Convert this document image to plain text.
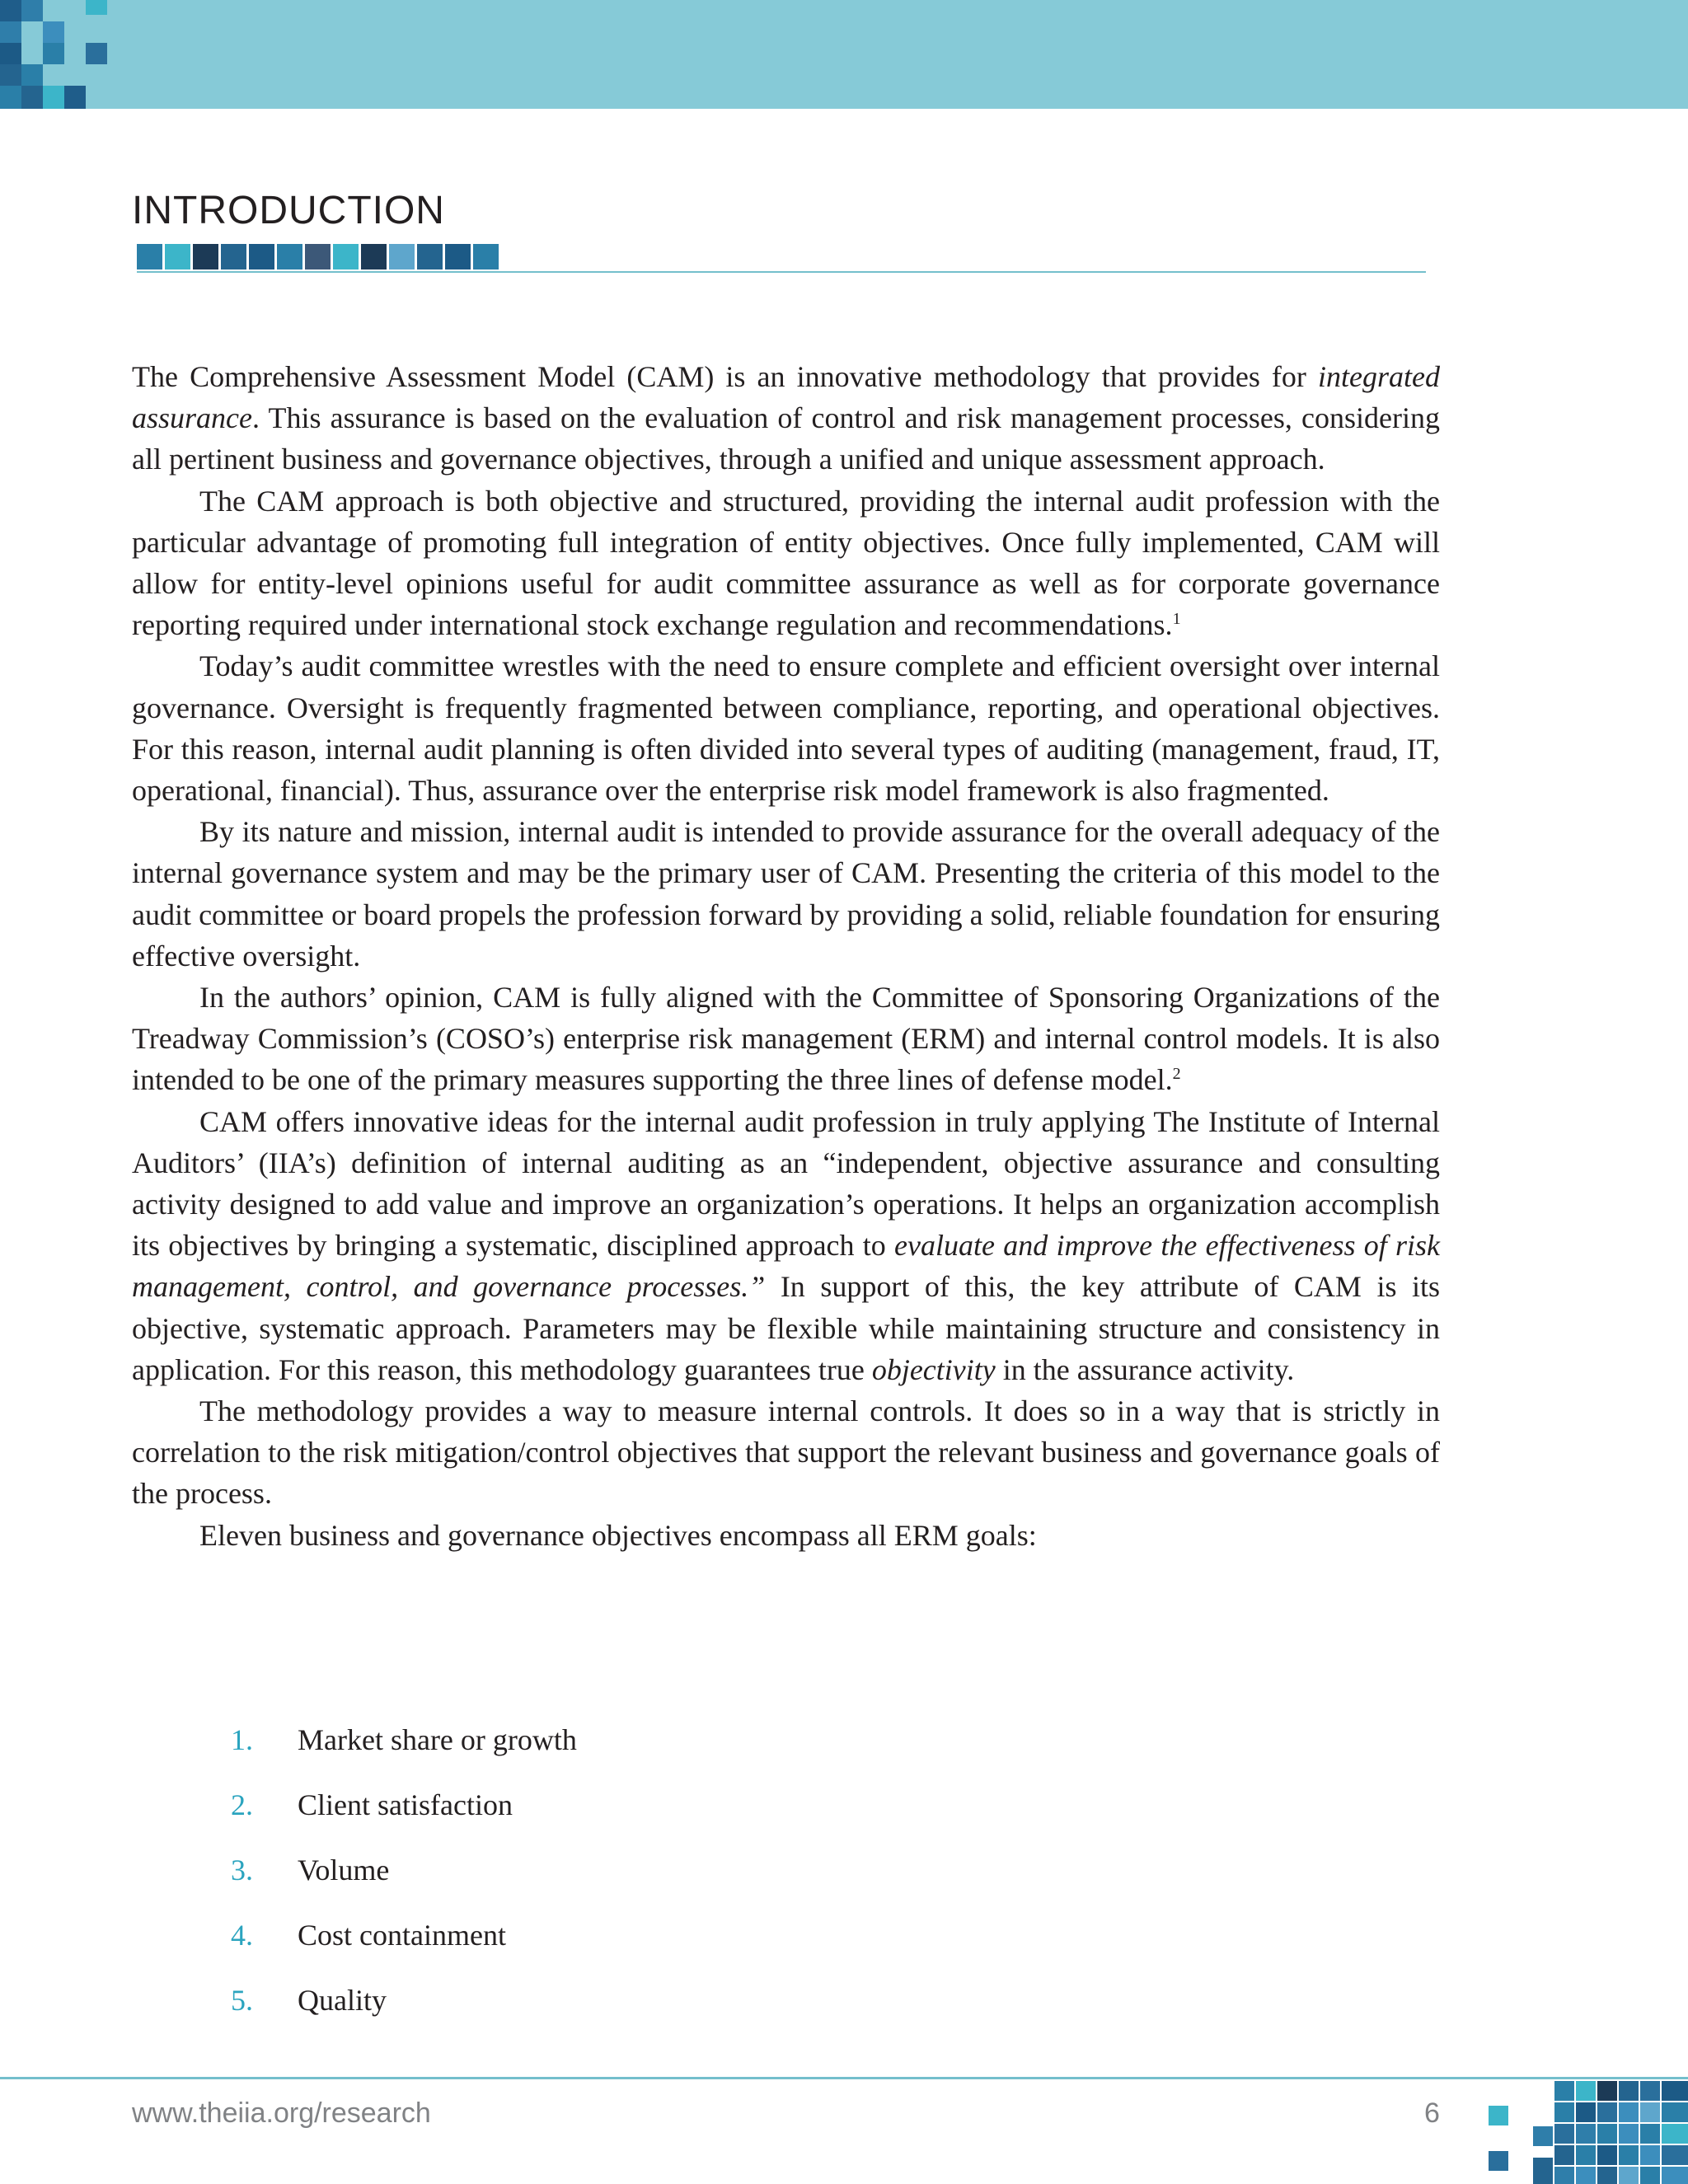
INTRODUCTION

The Comprehensive Assessment Model (CAM) is an innovative methodology that provides for integrated assurance. This assurance is based on the evaluation of control and risk management processes, considering all pertinent business and governance objectives, through a unified and unique assessment approach.

The CAM approach is both objective and structured, providing the internal audit profession with the particular advantage of promoting full integration of entity objectives. Once fully implemented, CAM will allow for entity-level opinions useful for audit committee assurance as well as for corporate governance reporting required under international stock exchange regulation and recommendations.$^1$

Today’s audit committee wrestles with the need to ensure complete and efficient oversight over internal governance. Oversight is frequently fragmented between compliance, reporting, and operational objectives. For this reason, internal audit planning is often divided into several types of auditing (management, fraud, IT, operational, financial). Thus, assurance over the enterprise risk model framework is also fragmented.

By its nature and mission, internal audit is intended to provide assurance for the overall adequacy of the internal governance system and may be the primary user of CAM. Presenting the criteria of this model to the audit committee or board propels the profession forward by providing a solid, reliable foundation for ensuring effective oversight.

In the authors’ opinion, CAM is fully aligned with the Committee of Sponsoring Organizations of the Treadway Commission’s (COSO’s) enterprise risk management (ERM) and internal control models. It is also intended to be one of the primary measures supporting the three lines of defense model.$^2$

CAM offers innovative ideas for the internal audit profession in truly applying The Institute of Internal Auditors’ (IIA’s) definition of internal auditing as an “independent, objective assurance and consulting activity designed to add value and improve an organization’s operations. It helps an organization accomplish its objectives by bringing a systematic, disciplined approach to evaluate and improve the effectiveness of risk management, control, and governance processes.” In support of this, the key attribute of CAM is its objective, systematic approach. Parameters may be flexible while maintaining structure and consistency in application. For this reason, this methodology guarantees true objectivity in the assurance activity.

The methodology provides a way to measure internal controls. It does so in a way that is strictly in correlation to the risk mitigation/control objectives that support the relevant business and governance goals of the process.

Eleven business and governance objectives encompass all ERM goals:

1. Market share or growth
2. Client satisfaction
3. Volume
4. Cost containment
5. Quality
www.theiia.org/research	6
